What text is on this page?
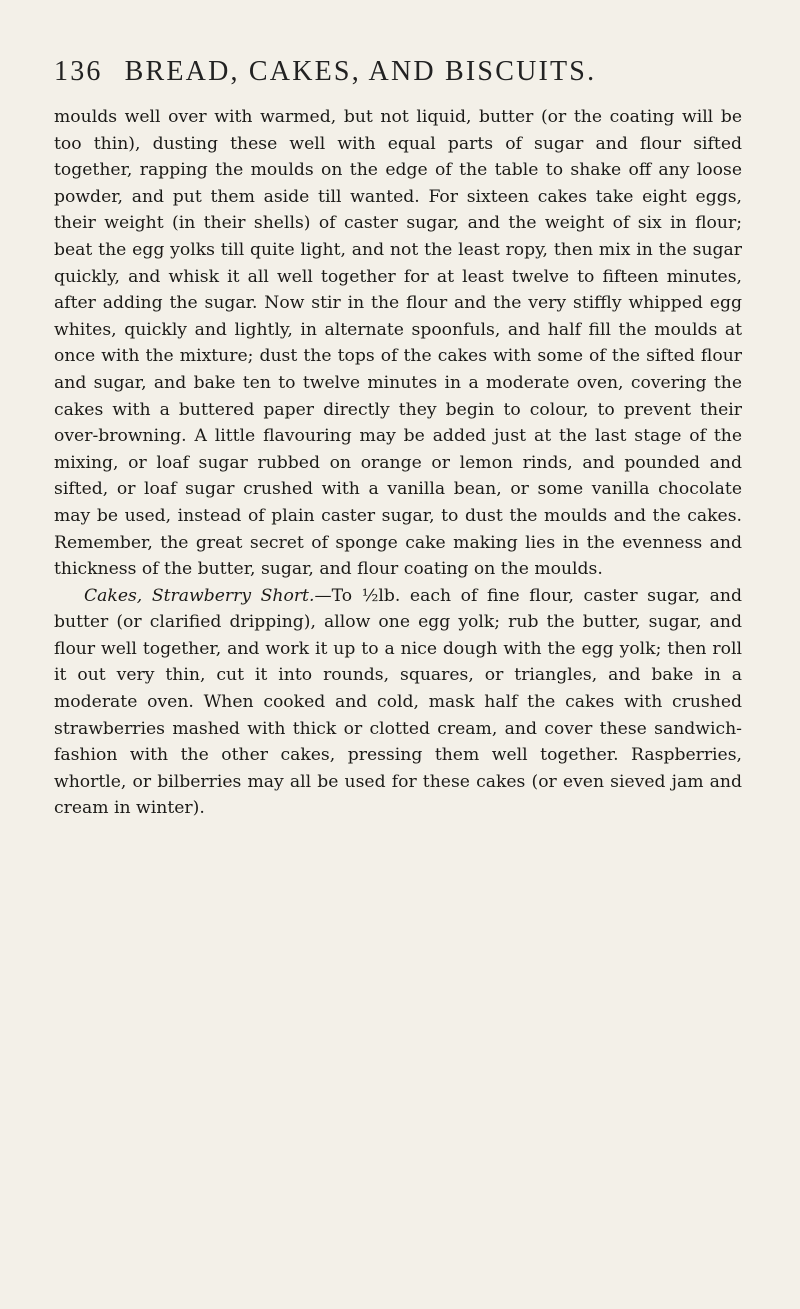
136 BREAD, CAKES, AND BISCUITS.

moulds well over with warmed, but not liquid, butter (or the coating will be too thin), dusting these well with equal parts of sugar and flour sifted together, rapping the moulds on the edge of the table to shake off any loose powder, and put them aside till wanted. For sixteen cakes take eight eggs, their weight (in their shells) of caster sugar, and the weight of six in flour; beat the egg yolks till quite light, and not the least ropy, then mix in the sugar quickly, and whisk it all well together for at least twelve to fifteen minutes, after adding the sugar. Now stir in the flour and the very stiffly whipped egg whites, quickly and lightly, in alternate spoonfuls, and half fill the moulds at once with the mixture; dust the tops of the cakes with some of the sifted flour and sugar, and bake ten to twelve minutes in a moderate oven, covering the cakes with a buttered paper directly they begin to colour, to prevent their over-browning. A little flavouring may be added just at the last stage of the mixing, or loaf sugar rubbed on orange or lemon rinds, and pounded and sifted, or loaf sugar crushed with a vanilla bean, or some vanilla chocolate may be used, instead of plain caster sugar, to dust the moulds and the cakes. Remember, the great secret of sponge cake making lies in the evenness and thickness of the butter, sugar, and flour coating on the moulds.

Cakes, Strawberry Short.—To ½lb. each of fine flour, caster sugar, and butter (or clarified dripping), allow one egg yolk; rub the butter, sugar, and flour well together, and work it up to a nice dough with the egg yolk; then roll it out very thin, cut it into rounds, squares, or triangles, and bake in a moderate oven. When cooked and cold, mask half the cakes with crushed strawberries mashed with thick or clotted cream, and cover these sandwich-fashion with the other cakes, pressing them well together. Raspberries, whortle, or bilberries may all be used for these cakes (or even sieved jam and cream in winter).
